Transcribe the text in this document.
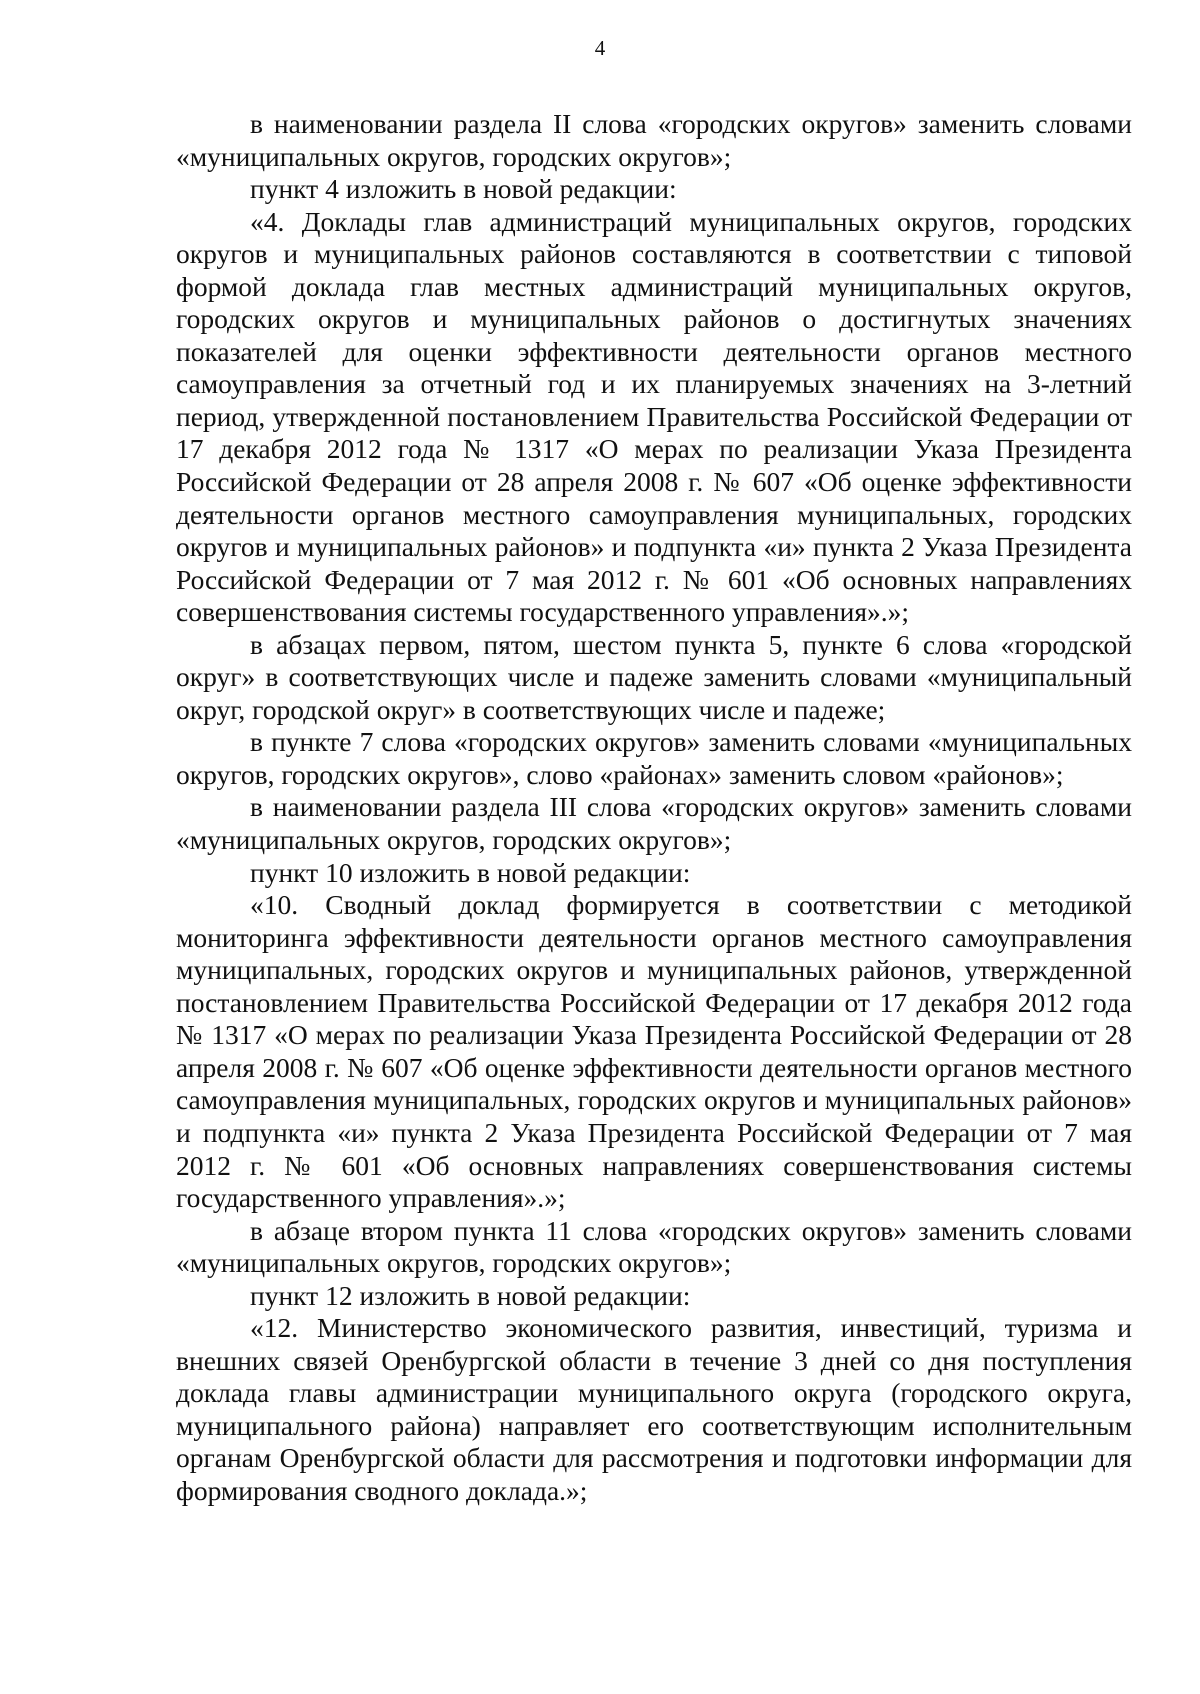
4

в наименовании раздела II слова «городских округов» заменить словами «муниципальных округов, городских округов»;

пункт 4 изложить в новой редакции:

«4. Доклады глав администраций муниципальных округов, городских округов и муниципальных районов составляются в соответствии с типовой формой доклада глав местных администраций муниципальных округов, городских округов и муниципальных районов о достигнутых значениях показателей для оценки эффективности деятельности органов местного самоуправления за отчетный год и их планируемых значениях на 3-летний период, утвержденной постановлением Правительства Российской Федерации от 17 декабря 2012 года № 1317 «О мерах по реализации Указа Президента Российской Федерации от 28 апреля 2008 г. № 607 «Об оценке эффективности деятельности органов местного самоуправления муниципальных, городских округов и муниципальных районов» и подпункта «и» пункта 2 Указа Президента Российской Федерации от 7 мая 2012 г. № 601 «Об основных направлениях совершенствования системы государственного управления».»;

в абзацах первом, пятом, шестом пункта 5, пункте 6 слова «городской округ» в соответствующих числе и падеже заменить словами «муниципальный округ, городской округ» в соответствующих числе и падеже;

в пункте 7 слова «городских округов» заменить словами «муниципальных округов, городских округов», слово «районах» заменить словом «районов»;

в наименовании раздела III слова «городских округов» заменить словами «муниципальных округов, городских округов»;

пункт 10 изложить в новой редакции:

«10. Сводный доклад формируется в соответствии с методикой мониторинга эффективности деятельности органов местного самоуправления муниципальных, городских округов и муниципальных районов, утвержденной постановлением Правительства Российской Федерации от 17 декабря 2012 года № 1317 «О мерах по реализации Указа Президента Российской Федерации от 28 апреля 2008 г. № 607 «Об оценке эффективности деятельности органов местного самоуправления муниципальных, городских округов и муниципальных районов» и подпункта «и» пункта 2 Указа Президента Российской Федерации от 7 мая 2012 г. № 601 «Об основных направлениях совершенствования системы государственного управления».»;

в абзаце втором пункта 11 слова «городских округов» заменить словами «муниципальных округов, городских округов»;

пункт 12 изложить в новой редакции:

«12. Министерство экономического развития, инвестиций, туризма и внешних связей Оренбургской области в течение 3 дней со дня поступления доклада главы администрации муниципального округа (городского округа, муниципального района) направляет его соответствующим исполнительным органам Оренбургской области для рассмотрения и подготовки информации для формирования сводного доклада.»;
